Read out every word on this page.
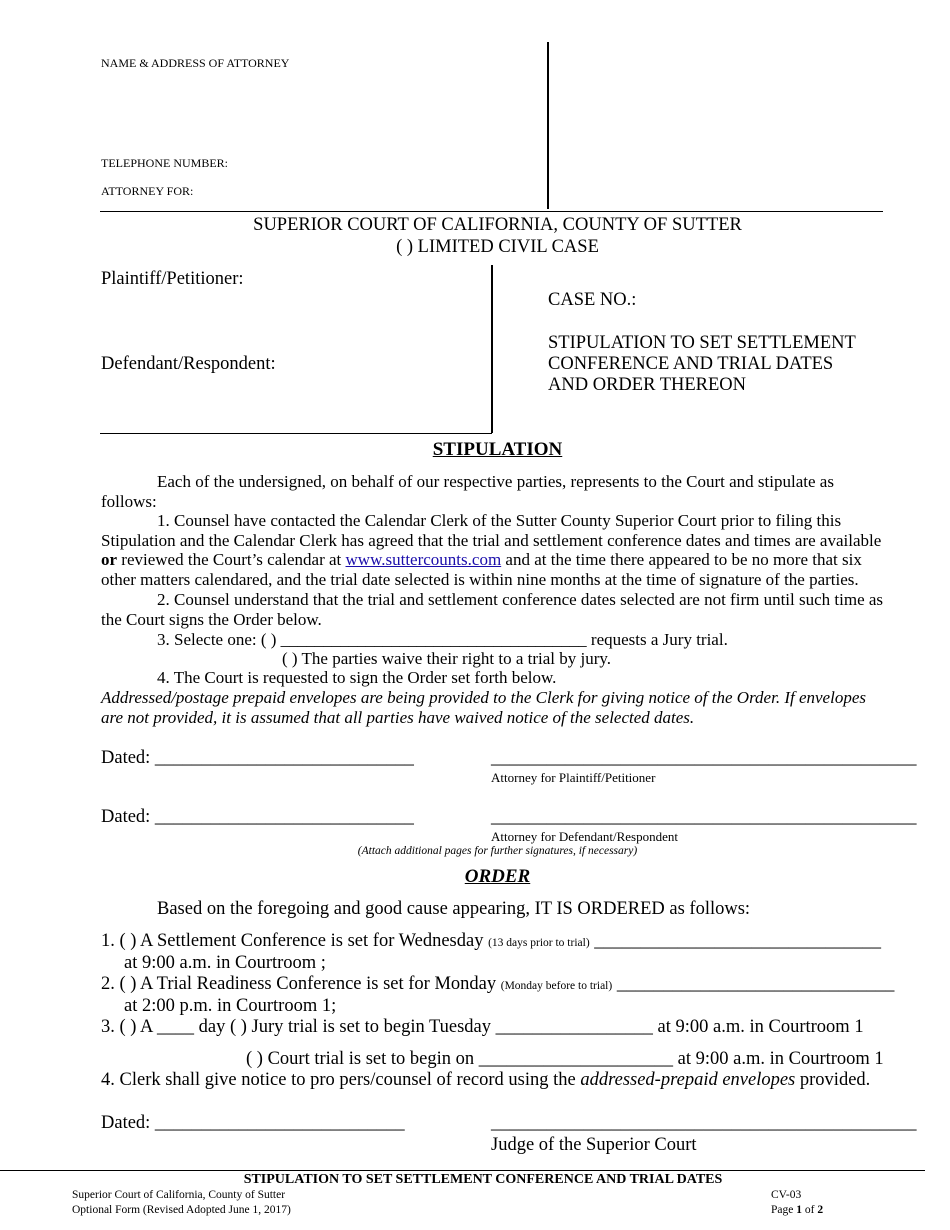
NAME & ADDRESS OF ATTORNEY
TELEPHONE NUMBER:
ATTORNEY FOR:
SUPERIOR COURT OF CALIFORNIA, COUNTY OF SUTTER
( ) LIMITED CIVIL CASE
Plaintiff/Petitioner:
Defendant/Respondent:
CASE NO.:
STIPULATION TO SET SETTLEMENT
CONFERENCE AND TRIAL DATES
AND ORDER THEREON
STIPULATION
Each of the undersigned, on behalf of our respective parties, represents to the Court and stipulate as follows:
1. Counsel have contacted the Calendar Clerk of the Sutter County Superior Court prior to filing this Stipulation and the Calendar Clerk has agreed that the trial and settlement conference dates and times are available or reviewed the Court’s calendar at www.suttercounts.com and at the time there appeared to be no more that six other matters calendared, and the trial date selected is within nine months at the time of signature of the parties.
2. Counsel understand that the trial and settlement conference dates selected are not firm until such time as the Court signs the Order below.
3. Selecte one: ( ) ____________________________________ requests a Jury trial.
( ) The parties waive their right to a trial by jury.
4. The Court is requested to sign the Order set forth below.
Addressed/postage prepaid envelopes are being provided to the Clerk for giving notice of the Order. If envelopes are not provided, it is assumed that all parties have waived notice of the selected dates.
Dated: ____________________________	______________________________________________
Attorney for Plaintiff/Petitioner
Dated: ____________________________	______________________________________________
Attorney for Defendant/Respondent
(Attach additional pages for further signatures, if necessary)
ORDER
Based on the foregoing and good cause appearing, IT IS ORDERED as follows:
1. ( ) A Settlement Conference is set for Wednesday (13 days prior to trial) _______________________________
at 9:00 a.m. in Courtroom ;
2. ( ) A Trial Readiness Conference is set for Monday (Monday before to trial) ______________________________
at 2:00 p.m. in Courtroom 1;
3. ( ) A ____ day ( ) Jury trial is set to begin Tuesday _________________ at 9:00 a.m. in Courtroom 1
( ) Court trial is set to begin on _____________________ at 9:00 a.m. in Courtroom 1
4. Clerk shall give notice to pro pers/counsel of record using the addressed-prepaid envelopes provided.
Dated: ___________________________	______________________________________________
Judge of the Superior Court
STIPULATION TO SET SETTLEMENT CONFERENCE AND TRIAL DATES
Superior Court of California, County of Sutter
Optional Form (Revised Adopted June 1, 2017)
CV-03
Page 1 of 2
